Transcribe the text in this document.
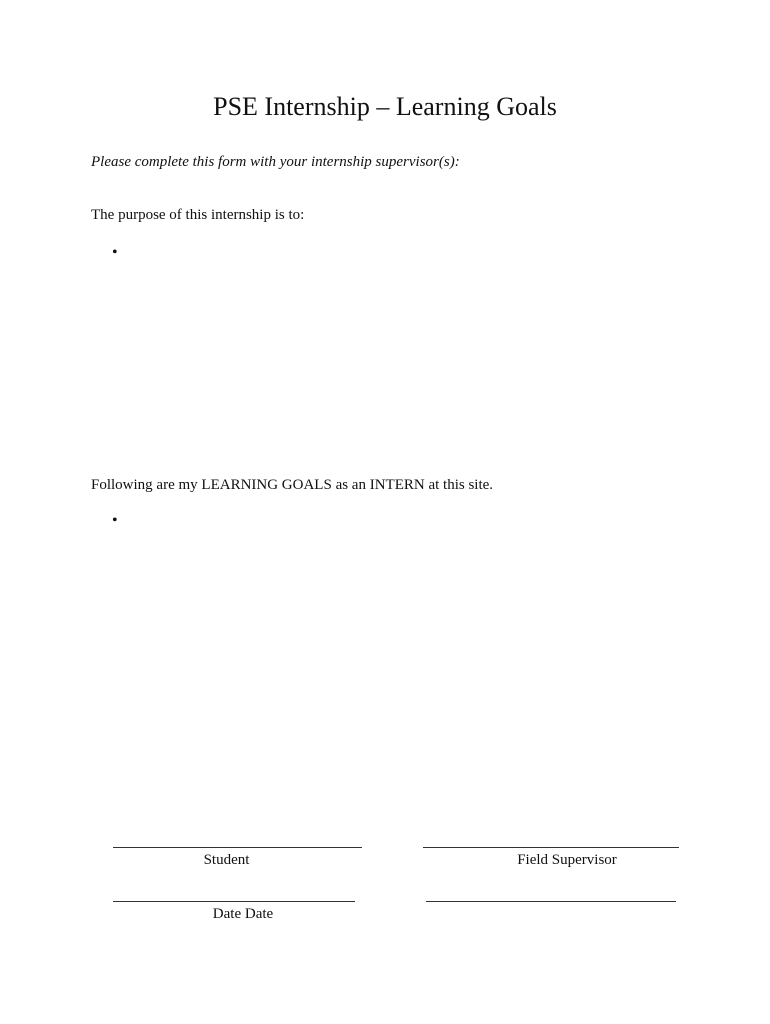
PSE Internship – Learning Goals
Please complete this form with your internship supervisor(s):
The purpose of this internship is to:
•
Following are my LEARNING GOALS as an INTERN at this site.
•
Student	Field Supervisor
Date Date
